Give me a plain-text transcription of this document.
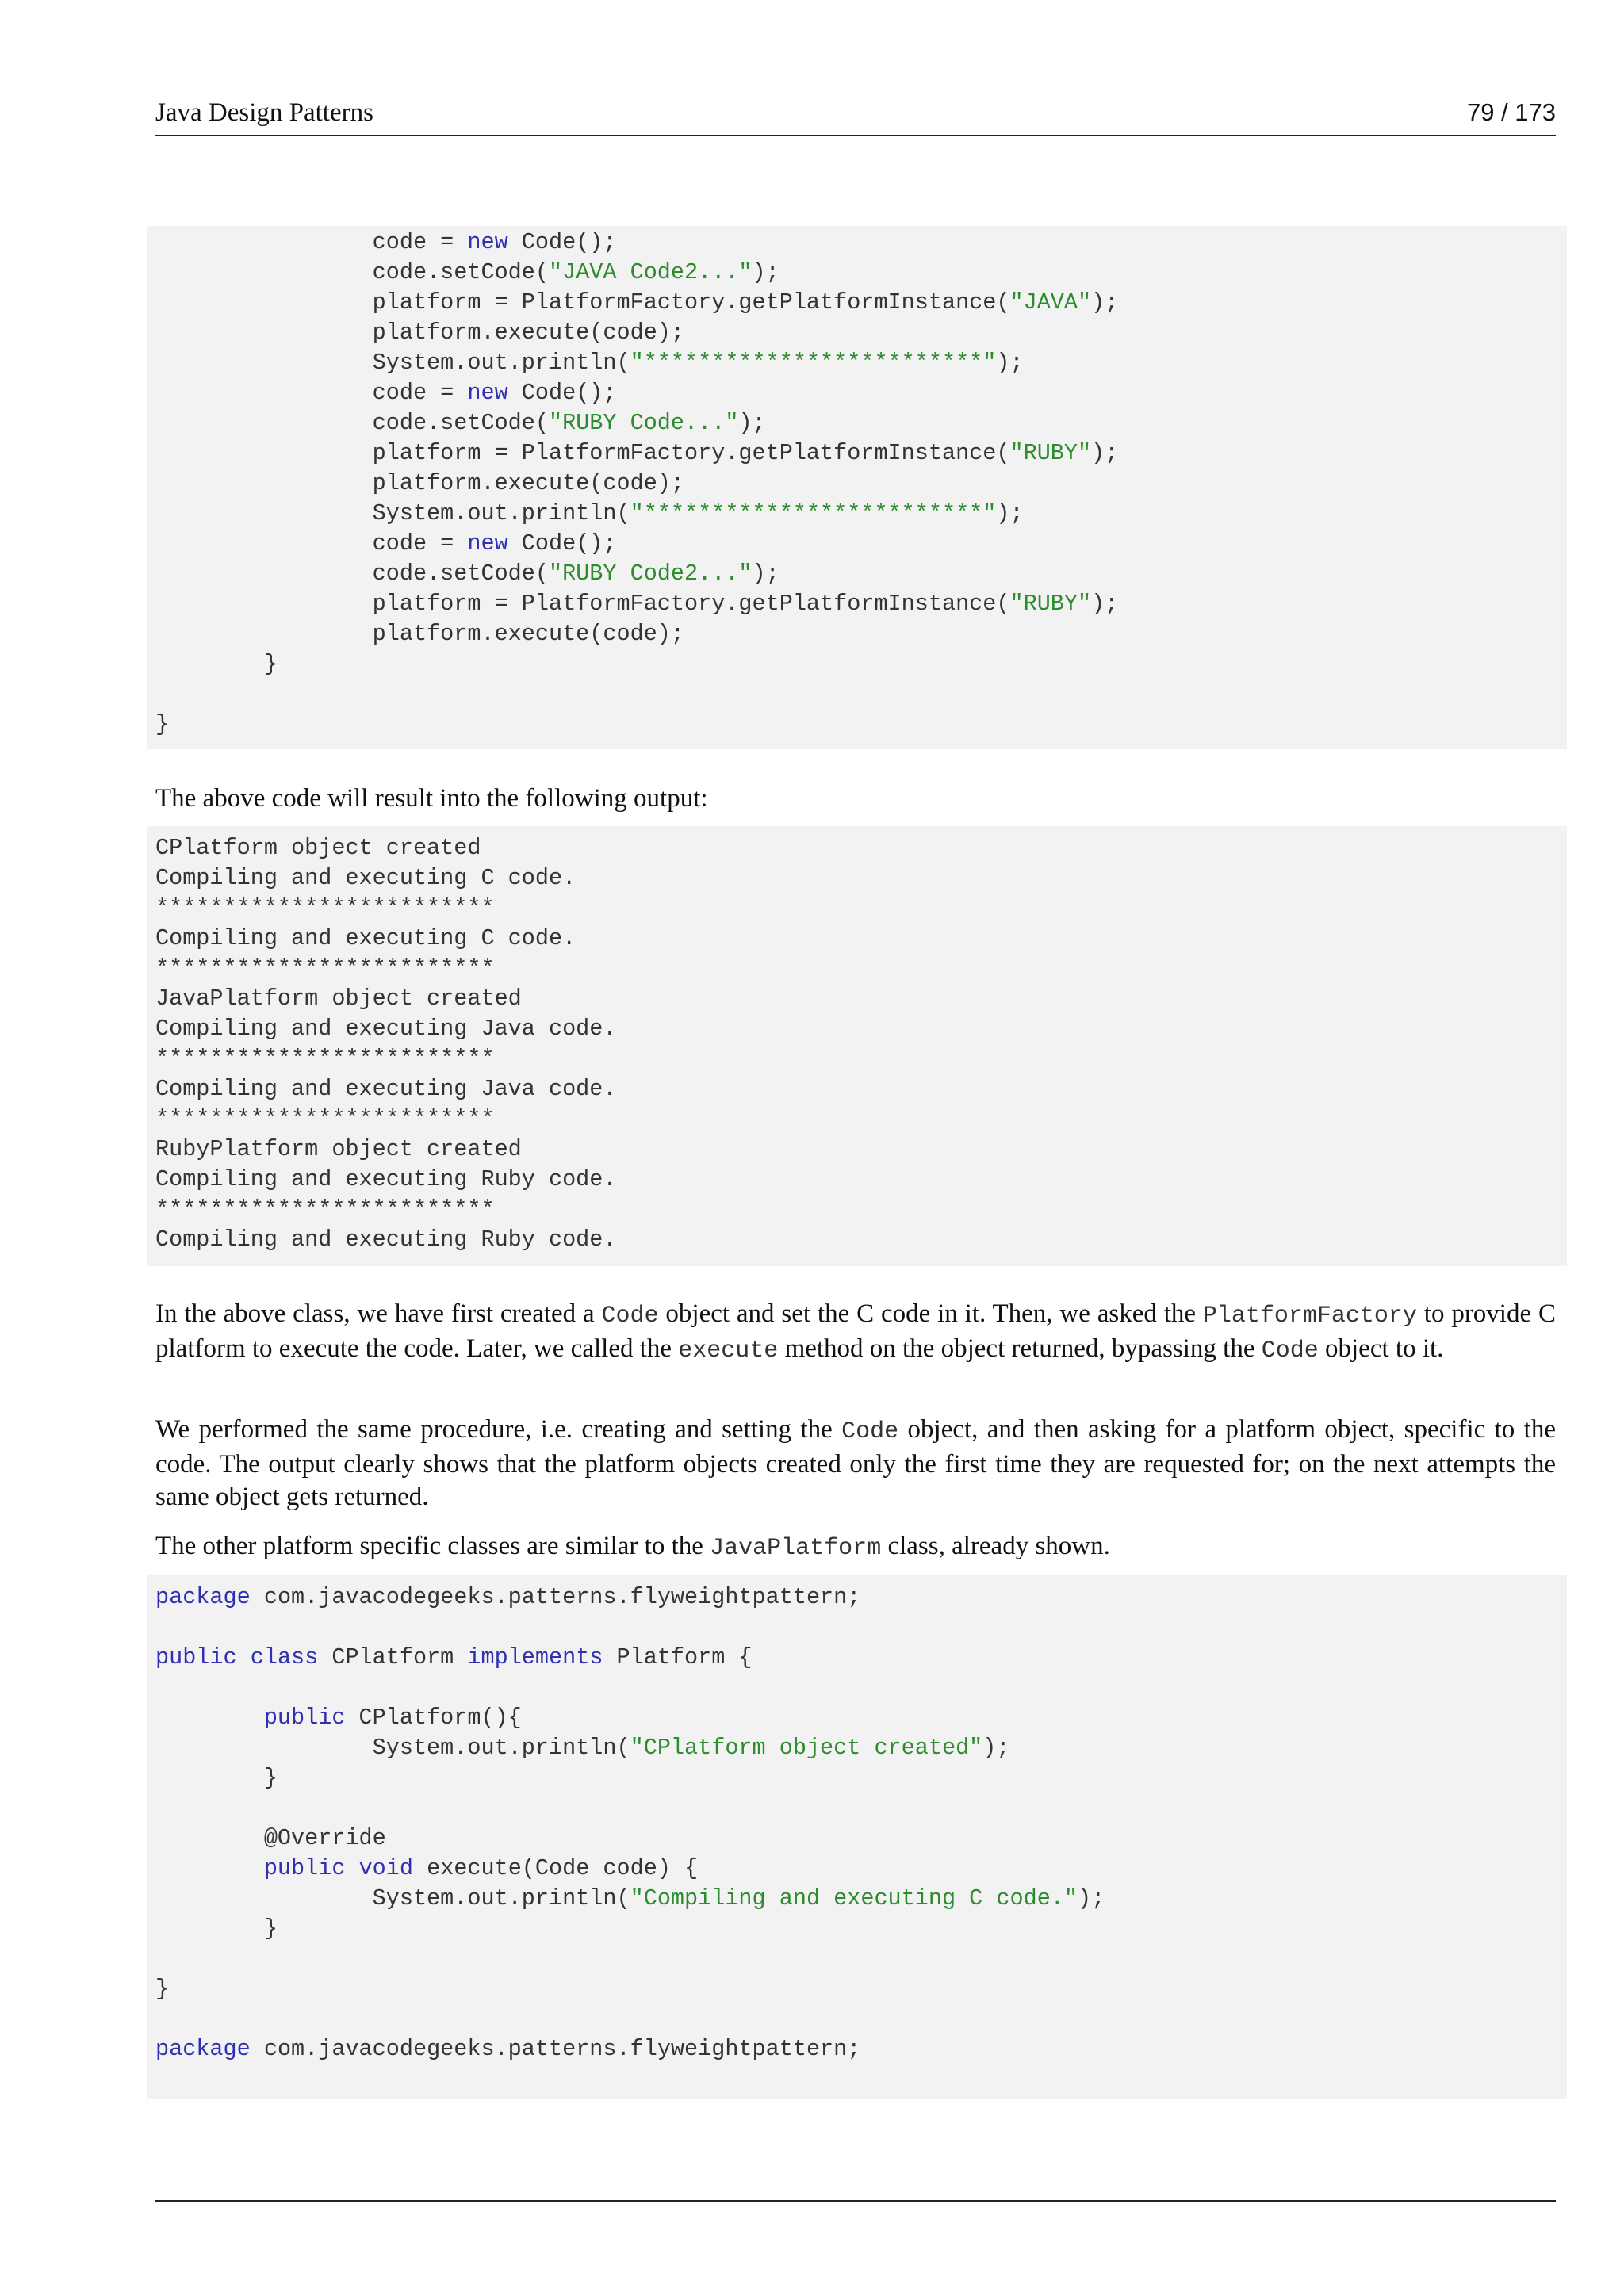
Java Design Patterns	79 / 173
code = new Code();
code.setCode("JAVA Code2...");
platform = PlatformFactory.getPlatformInstance("JAVA");
platform.execute(code);
System.out.println("*************************");
code = new Code();
code.setCode("RUBY Code...");
platform = PlatformFactory.getPlatformInstance("RUBY");
platform.execute(code);
System.out.println("*************************");
code = new Code();
code.setCode("RUBY Code2...");
platform = PlatformFactory.getPlatformInstance("RUBY");
platform.execute(code);
}
}
The above code will result into the following output:
CPlatform object created
Compiling and executing C code.
*************************
Compiling and executing C code.
*************************
JavaPlatform object created
Compiling and executing Java code.
*************************
Compiling and executing Java code.
*************************
RubyPlatform object created
Compiling and executing Ruby code.
*************************
Compiling and executing Ruby code.
In the above class, we have first created a Code object and set the C code in it. Then, we asked the PlatformFactory to provide C platform to execute the code. Later, we called the execute method on the object returned, bypassing the Code object to it.
We performed the same procedure, i.e. creating and setting the Code object, and then asking for a platform object, specific to the code. The output clearly shows that the platform objects created only the first time they are requested for; on the next attempts the same object gets returned.
The other platform specific classes are similar to the JavaPlatform class, already shown.
package com.javacodegeeks.patterns.flyweightpattern;
public class CPlatform implements Platform {
public CPlatform(){
System.out.println("CPlatform object created");
}
@Override
public void execute(Code code) {
System.out.println("Compiling and executing C code.");
}
}
package com.javacodegeeks.patterns.flyweightpattern;
